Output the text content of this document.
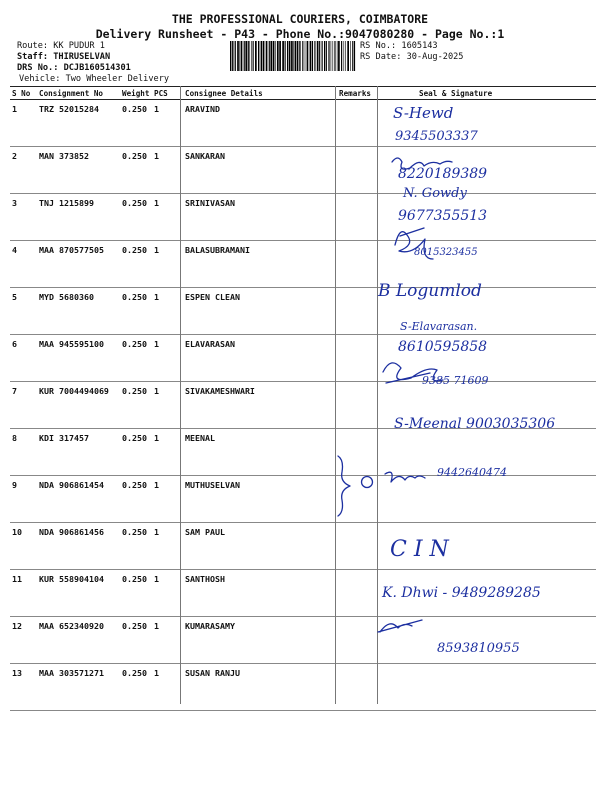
THE PROFESSIONAL COURIERS, COIMBATORE
Delivery Runsheet - P43 - Phone No.:9047080280 - Page No.:1
Route: KK PUDUR 1
Staff: THIRUSELVAN
DRS No.: DCJB160514301
Vehicle: Two Wheeler Delivery
RS No.: 1605143
RS Date: 30-Aug-2025
S No	Consignment No	Weight	PCS	Consignee Details	Remarks	Seal & Signature
1	TRZ 52015284	0.250	1	ARAVIND		
2	MAN 373852	0.250	1	SANKARAN		
3	TNJ 1215899	0.250	1	SRINIVASAN		
4	MAA 870577505	0.250	1	BALASUBRAMANI		
5	MYD 5680360	0.250	1	ESPEN CLEAN		
6	MAA 945595100	0.250	1	ELAVARASAN		
7	KUR 7004494069	0.250	1	SIVAKAMESHWARI		
8	KDI 317457	0.250	1	MEENAL		
9	NDA 906861454	0.250	1	MUTHUSELVAN		
10	NDA 906861456	0.250	1	SAM PAUL		
11	KUR 558904104	0.250	1	SANTHOSH		
12	MAA 652340920	0.250	1	KUMARASAMY		
13	MAA 303571271	0.250	1	SUSAN RANJU		
S-Hewd
9345503337
8220189389
N. Gowdy
9677355513
8015323455
B Logumlod
S-Elavarasan.
8610595858
9385 71609
S-Meenal 9003035306
9442640474
C I N
K. Dhwi - 9489289285
8593810955
